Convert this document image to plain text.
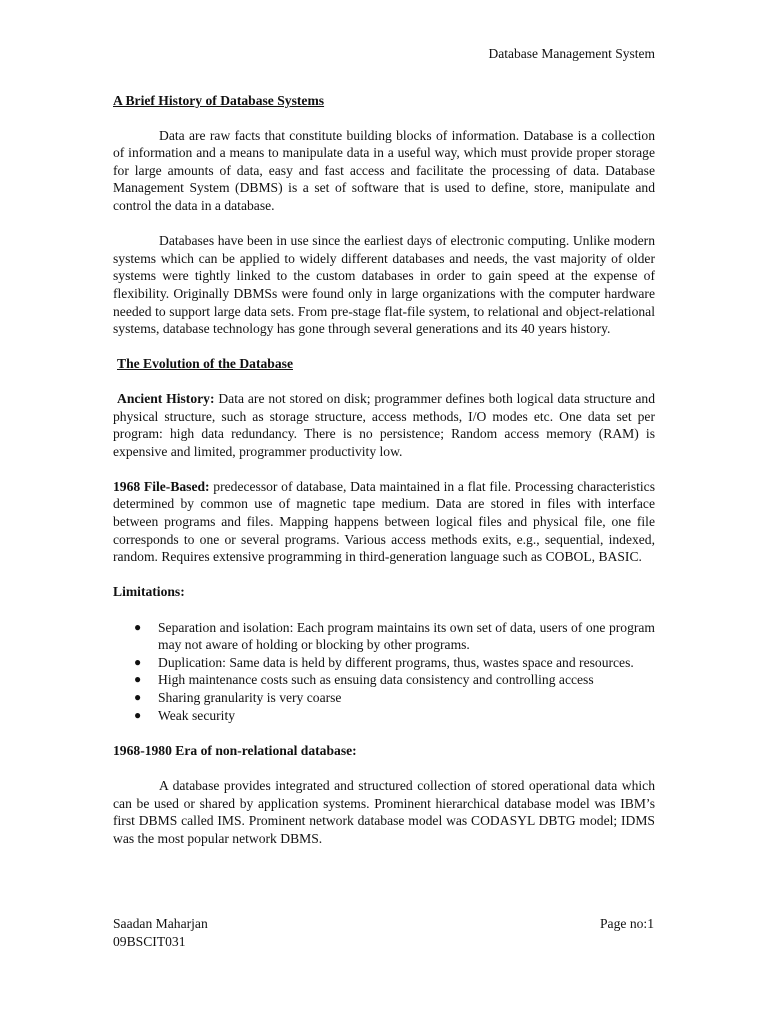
Database Management System
A Brief History of Database Systems

Data are raw facts that constitute building blocks of information. Database is a collection of information and a means to manipulate data in a useful way, which must provide proper storage for large amounts of data, easy and fast access and facilitate the processing of data. Database Management System (DBMS) is a set of software that is used to define, store, manipulate and control the data in a database.

Databases have been in use since the earliest days of electronic computing. Unlike modern systems which can be applied to widely different databases and needs, the vast majority of older systems were tightly linked to the custom databases in order to gain speed at the expense of flexibility. Originally DBMSs were found only in large organizations with the computer hardware needed to support large data sets. From pre-stage flat-file system, to relational and object-relational systems, database technology has gone through several generations and its 40 years history.

The Evolution of the Database

Ancient History: Data are not stored on disk; programmer defines both logical data structure and physical structure, such as storage structure, access methods, I/O modes etc. One data set per program: high data redundancy. There is no persistence; Random access memory (RAM) is expensive and limited, programmer productivity low.

1968 File-Based: predecessor of database, Data maintained in a flat file. Processing characteristics determined by common use of magnetic tape medium. Data are stored in files with interface between programs and files. Mapping happens between logical files and physical file, one file corresponds to one or several programs. Various access methods exits, e.g., sequential, indexed, random. Requires extensive programming in third-generation language such as COBOL, BASIC.

Limitations:
● Separation and isolation: Each program maintains its own set of data, users of one program may not aware of holding or blocking by other programs.
● Duplication: Same data is held by different programs, thus, wastes space and resources.
● High maintenance costs such as ensuing data consistency and controlling access
● Sharing granularity is very coarse
● Weak security
1968-1980 Era of non-relational database:

A database provides integrated and structured collection of stored operational data which can be used or shared by application systems. Prominent hierarchical database model was IBM’s first DBMS called IMS. Prominent network database model was CODASYL DBTG model; IDMS was the most popular network DBMS.

Saadan Maharjan
09BSCIT031
Page no:1
